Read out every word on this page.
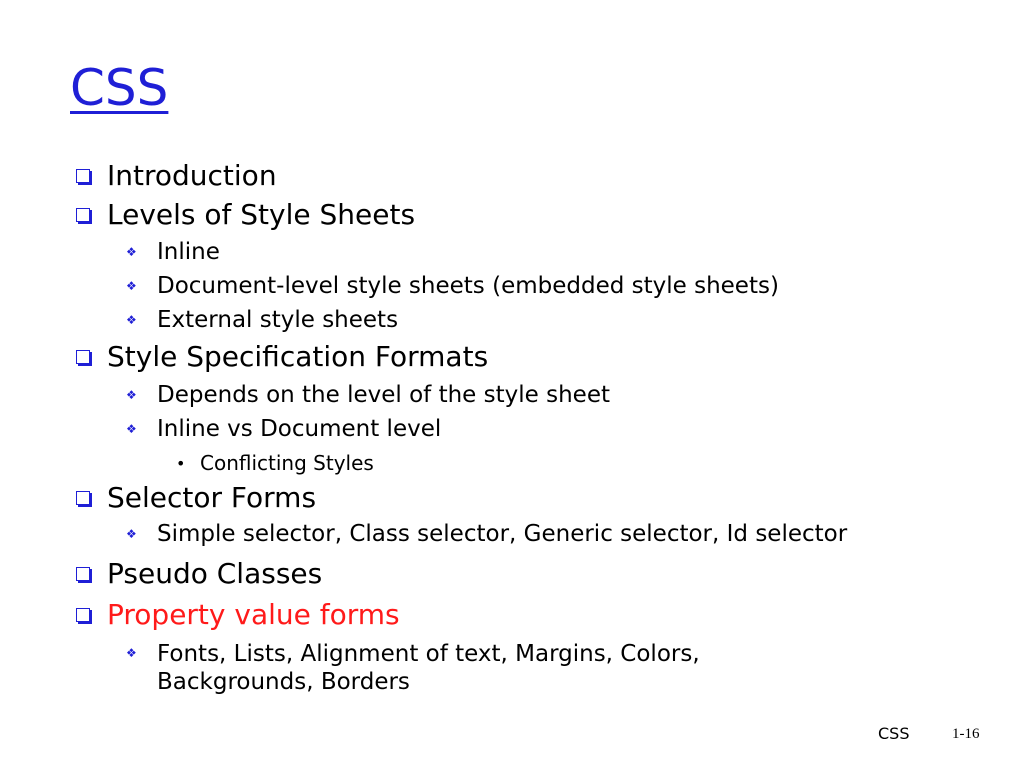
CSS
Introduction
Levels of Style Sheets
❖ Inline
❖ Document-level style sheets (embedded style sheets)
❖ External style sheets
Style Specification Formats
❖ Depends on the level of the style sheet
❖ Inline vs Document level
• Conflicting Styles
Selector Forms
❖ Simple selector, Class selector, Generic selector, Id selector
Pseudo Classes
Property value forms
❖ Fonts, Lists, Alignment of text, Margins, Colors, Backgrounds, Borders
CSS	1-16
